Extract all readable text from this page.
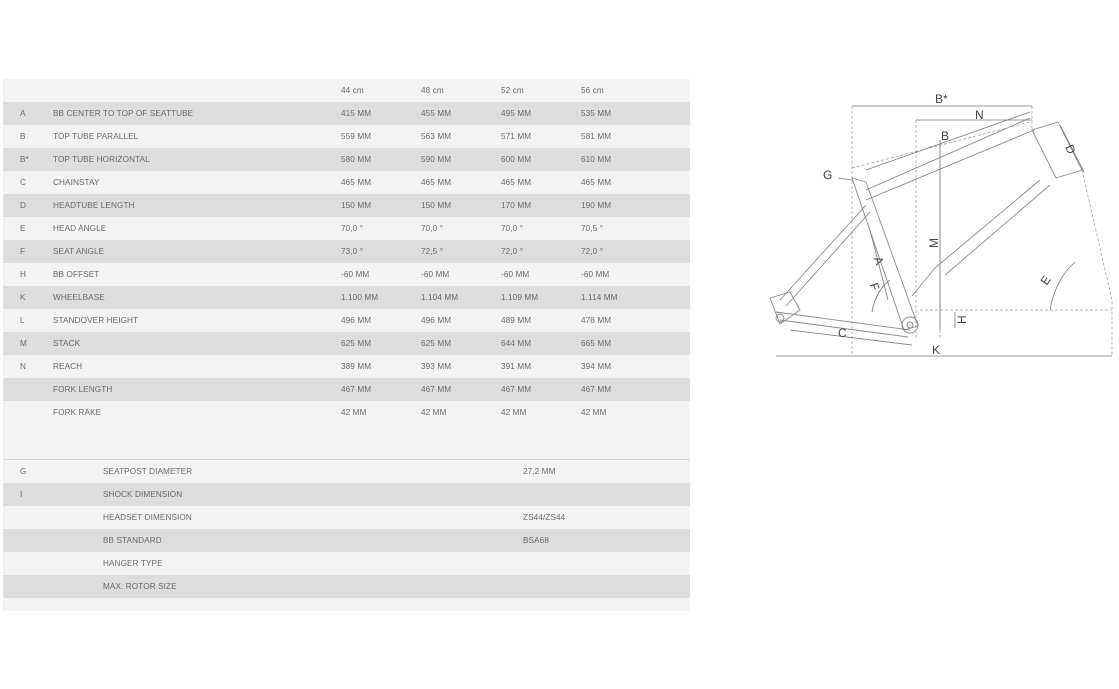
44 cm	48 cm	52 cm	56 cm
A	BB CENTER TO TOP OF SEATTUBE	415 MM	455 MM	495 MM	535 MM
B	TOP TUBE PARALLEL	559 MM	563 MM	571 MM	581 MM
B*	TOP TUBE HORIZONTAL	580 MM	590 MM	600 MM	610 MM
C	CHAINSTAY	465 MM	465 MM	465 MM	465 MM
D	HEADTUBE LENGTH	150 MM	150 MM	170 MM	190 MM
E	HEAD ANGLE	70,0 °	70,0 °	70,0 °	70,5 °
F	SEAT ANGLE	73,0 °	72,5 °	72,0 °	72,0 °
H	BB OFFSET	-60 MM	-60 MM	-60 MM	-60 MM
K	WHEELBASE	1.100 MM	1.104 MM	1.109 MM	1.114 MM
L	STANDOVER HEIGHT	496 MM	496 MM	489 MM	478 MM
M	STACK	625 MM	625 MM	644 MM	665 MM
N	REACH	389 MM	393 MM	391 MM	394 MM
FORK LENGTH	467 MM	467 MM	467 MM	467 MM
FORK RAKE	42 MM	42 MM	42 MM	42 MM
G	SEATPOST DIAMETER	27,2 MM
I	SHOCK DIMENSION
HEADSET DIMENSION	ZS44/ZS44
BB STANDARD	BSA68
HANGER TYPE
MAX. ROTOR SIZE
B*
N
B
D
G
M
A
F	E
H
C
K
